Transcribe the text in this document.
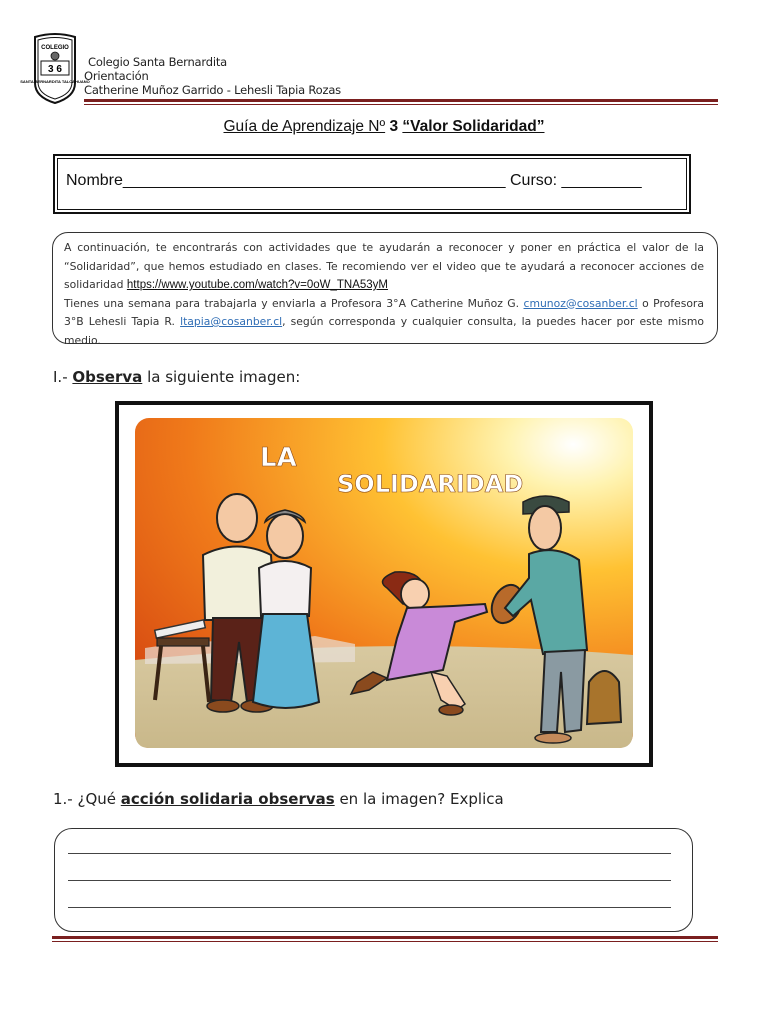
COLEGIO
3 6
SANTA BERNARDITA TALCAHUANO
Colegio Santa Bernardita
Orientación
Catherine Muñoz Garrido - Lehesli Tapia Rozas
Guía de Aprendizaje Nº 3 “Valor Solidaridad”
Nombre___________________________________________ Curso: _________
A continuación, te encontrarás con actividades que te ayudarán a reconocer y poner en práctica el valor de la “Solidaridad”, que hemos estudiado en clases. Te recomiendo ver el video que te ayudará a reconocer acciones de solidaridad https://www.youtube.com/watch?v=0oW_TNA53yM
Tienes una semana para trabajarla y enviarla a Profesora 3°A Catherine Muñoz G. cmunoz@cosanber.cl o Profesora 3°B Lehesli Tapia R. ltapia@cosanber.cl, según corresponda y cualquier consulta, la puedes hacer por este mismo medio.
I.- Observa la siguiente imagen:
LA
SOLIDARIDAD
1.- ¿Qué acción solidaria observas en la imagen? Explica
